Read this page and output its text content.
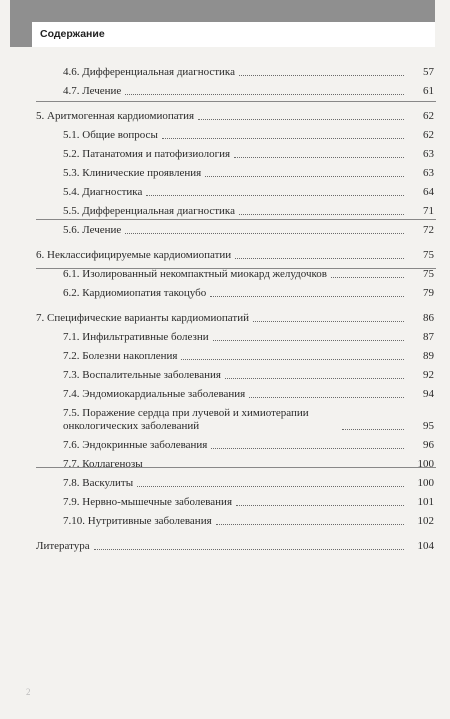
Содержание
4.6. Дифференциальная диагностика	57
4.7. Лечение	61
5. Аритмогенная кардиомиопатия	62
5.1. Общие вопросы	62
5.2. Патанатомия и патофизиология	63
5.3. Клинические проявления	63
5.4. Диагностика	64
5.5. Дифференциальная диагностика	71
5.6. Лечение	72
6. Неклассифицируемые кардиомиопатии	75
6.1. Изолированный некомпактный миокард желудочков	75
6.2. Кардиомиопатия такоцубо	79
7. Специфические варианты кардиомиопатий	86
7.1. Инфильтративные болезни	87
7.2. Болезни накопления	89
7.3. Воспалительные заболевания	92
7.4. Эндомиокардиальные заболевания	94
7.5. Поражение сердца при лучевой и химиотерапии онкологических заболеваний	95
7.6. Эндокринные заболевания	96
7.7. Коллагенозы	100
7.8. Васкулиты	100
7.9. Нервно-мышечные заболевания	101
7.10. Нутритивные заболевания	102
Литература	104
2
